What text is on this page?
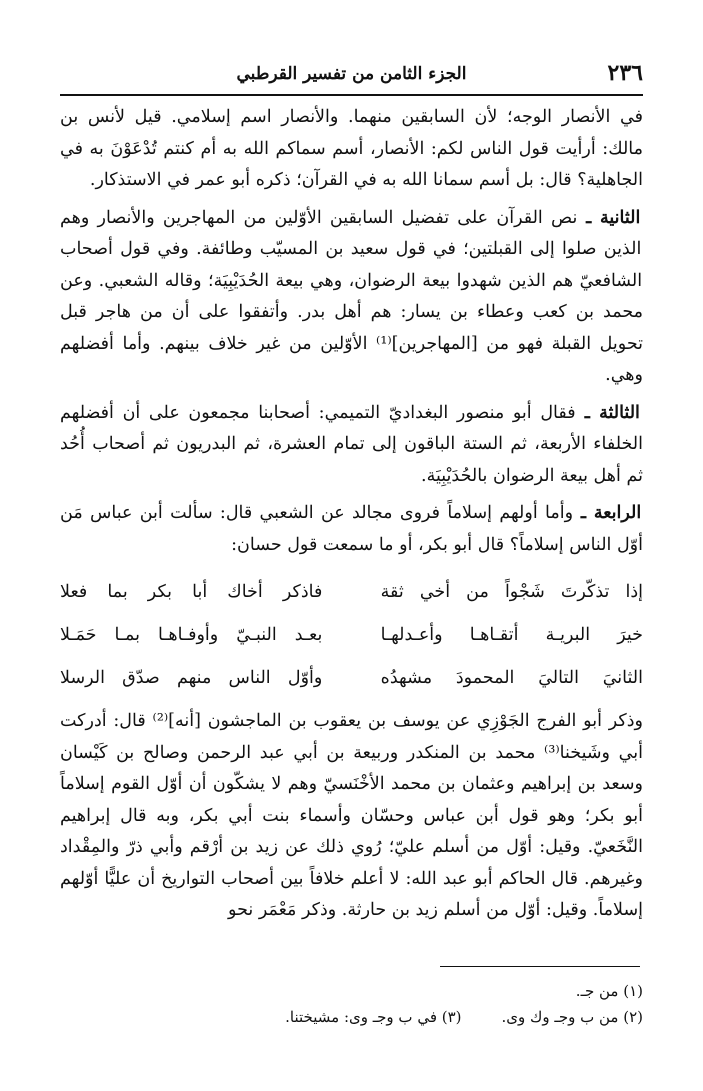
٢٣٦
الجزء الثامن من تفسير القرطبي

في الأنصار الوجه؛ لأن السابقين منهما. والأنصار اسم إسلامي. قيل لأنس بن مالك: أرأيت قول الناس لكم: الأنصار، أسم سماكم الله به أم كنتم تُدْعَوْنَ به في الجاهلية؟ قال: بل أسم سمانا الله به في القرآن؛ ذكره أبو عمر في الاستذكار.

الثانية ـ نص القرآن على تفضيل السابقين الأوّلين من المهاجرين والأنصار وهم الذين صلوا إلى القبلتين؛ في قول سعيد بن المسيّب وطائفة. وفي قول أصحاب الشافعيّ هم الذين شهدوا بيعة الرضوان، وهي بيعة الحُدَيْبِيَة؛ وقاله الشعبي. وعن محمد بن كعب وعطاء بن يسار: هم أهل بدر. وأتفقوا على أن من هاجر قبل تحويل القبلة فهو من [المهاجرين]⁽¹⁾ الأوّلين من غير خلاف بينهم. وأما أفضلهم وهي.

الثالثة ـ فقال أبو منصور البغداديّ التميمي: أصحابنا مجمعون على أن أفضلهم الخلفاء الأربعة، ثم الستة الباقون إلى تمام العشرة، ثم البدريون ثم أصحاب أُحُد ثم أهل بيعة الرضوان بالحُدَيْبِيَة.

الرابعة ـ وأما أولهم إسلاماً فروى مجالد عن الشعبي قال: سألت أبن عباس مَن أوّل الناس إسلاماً؟ قال أبو بكر، أو ما سمعت قول حسان:

إذا تذكّرتَ شَجْواً من أخي ثقة
فاذكر أخاك أبا بكر بما فعلا
خيرَ البريـة أتقـاهـا وأعـدلهـا
بعـد النبـيّ وأوفـاهـا بمـا حَمَـلا
الثانيَ التاليَ المحمودَ مشهدُه
وأوّل الناس منهم صدّق الرسلا

وذكر أبو الفرج الجَوْزِي عن يوسف بن يعقوب بن الماجشون [أنه]⁽²⁾ قال: أدركت أبي وشَيخنا⁽³⁾ محمد بن المنكدر وربيعة بن أبي عبد الرحمن وصالح بن كَيْسان وسعد بن إبراهيم وعثمان بن محمد الأخْنَسيّ وهم لا يشكّون أن أوّل القوم إسلاماً أبو بكر؛ وهو قول أبن عباس وحسّان وأسماء بنت أبي بكر، وبه قال إبراهيم النَّخَعيّ. وقيل: أوّل من أسلم عليّ؛ رُوي ذلك عن زيد بن أرْقم وأبي ذرّ والمِقْداد وغيرهم. قال الحاكم أبو عبد الله: لا أعلم خلافاً بين أصحاب التواريخ أن عليًّا أوّلهم إسلاماً. وقيل: أوّل من أسلم زيد بن حارثة. وذكر مَعْمَر نحو

(١) من جـ.
(٢) من ب وجـ وك وى.
(٣) في ب وجـ وى: مشيختنا.
